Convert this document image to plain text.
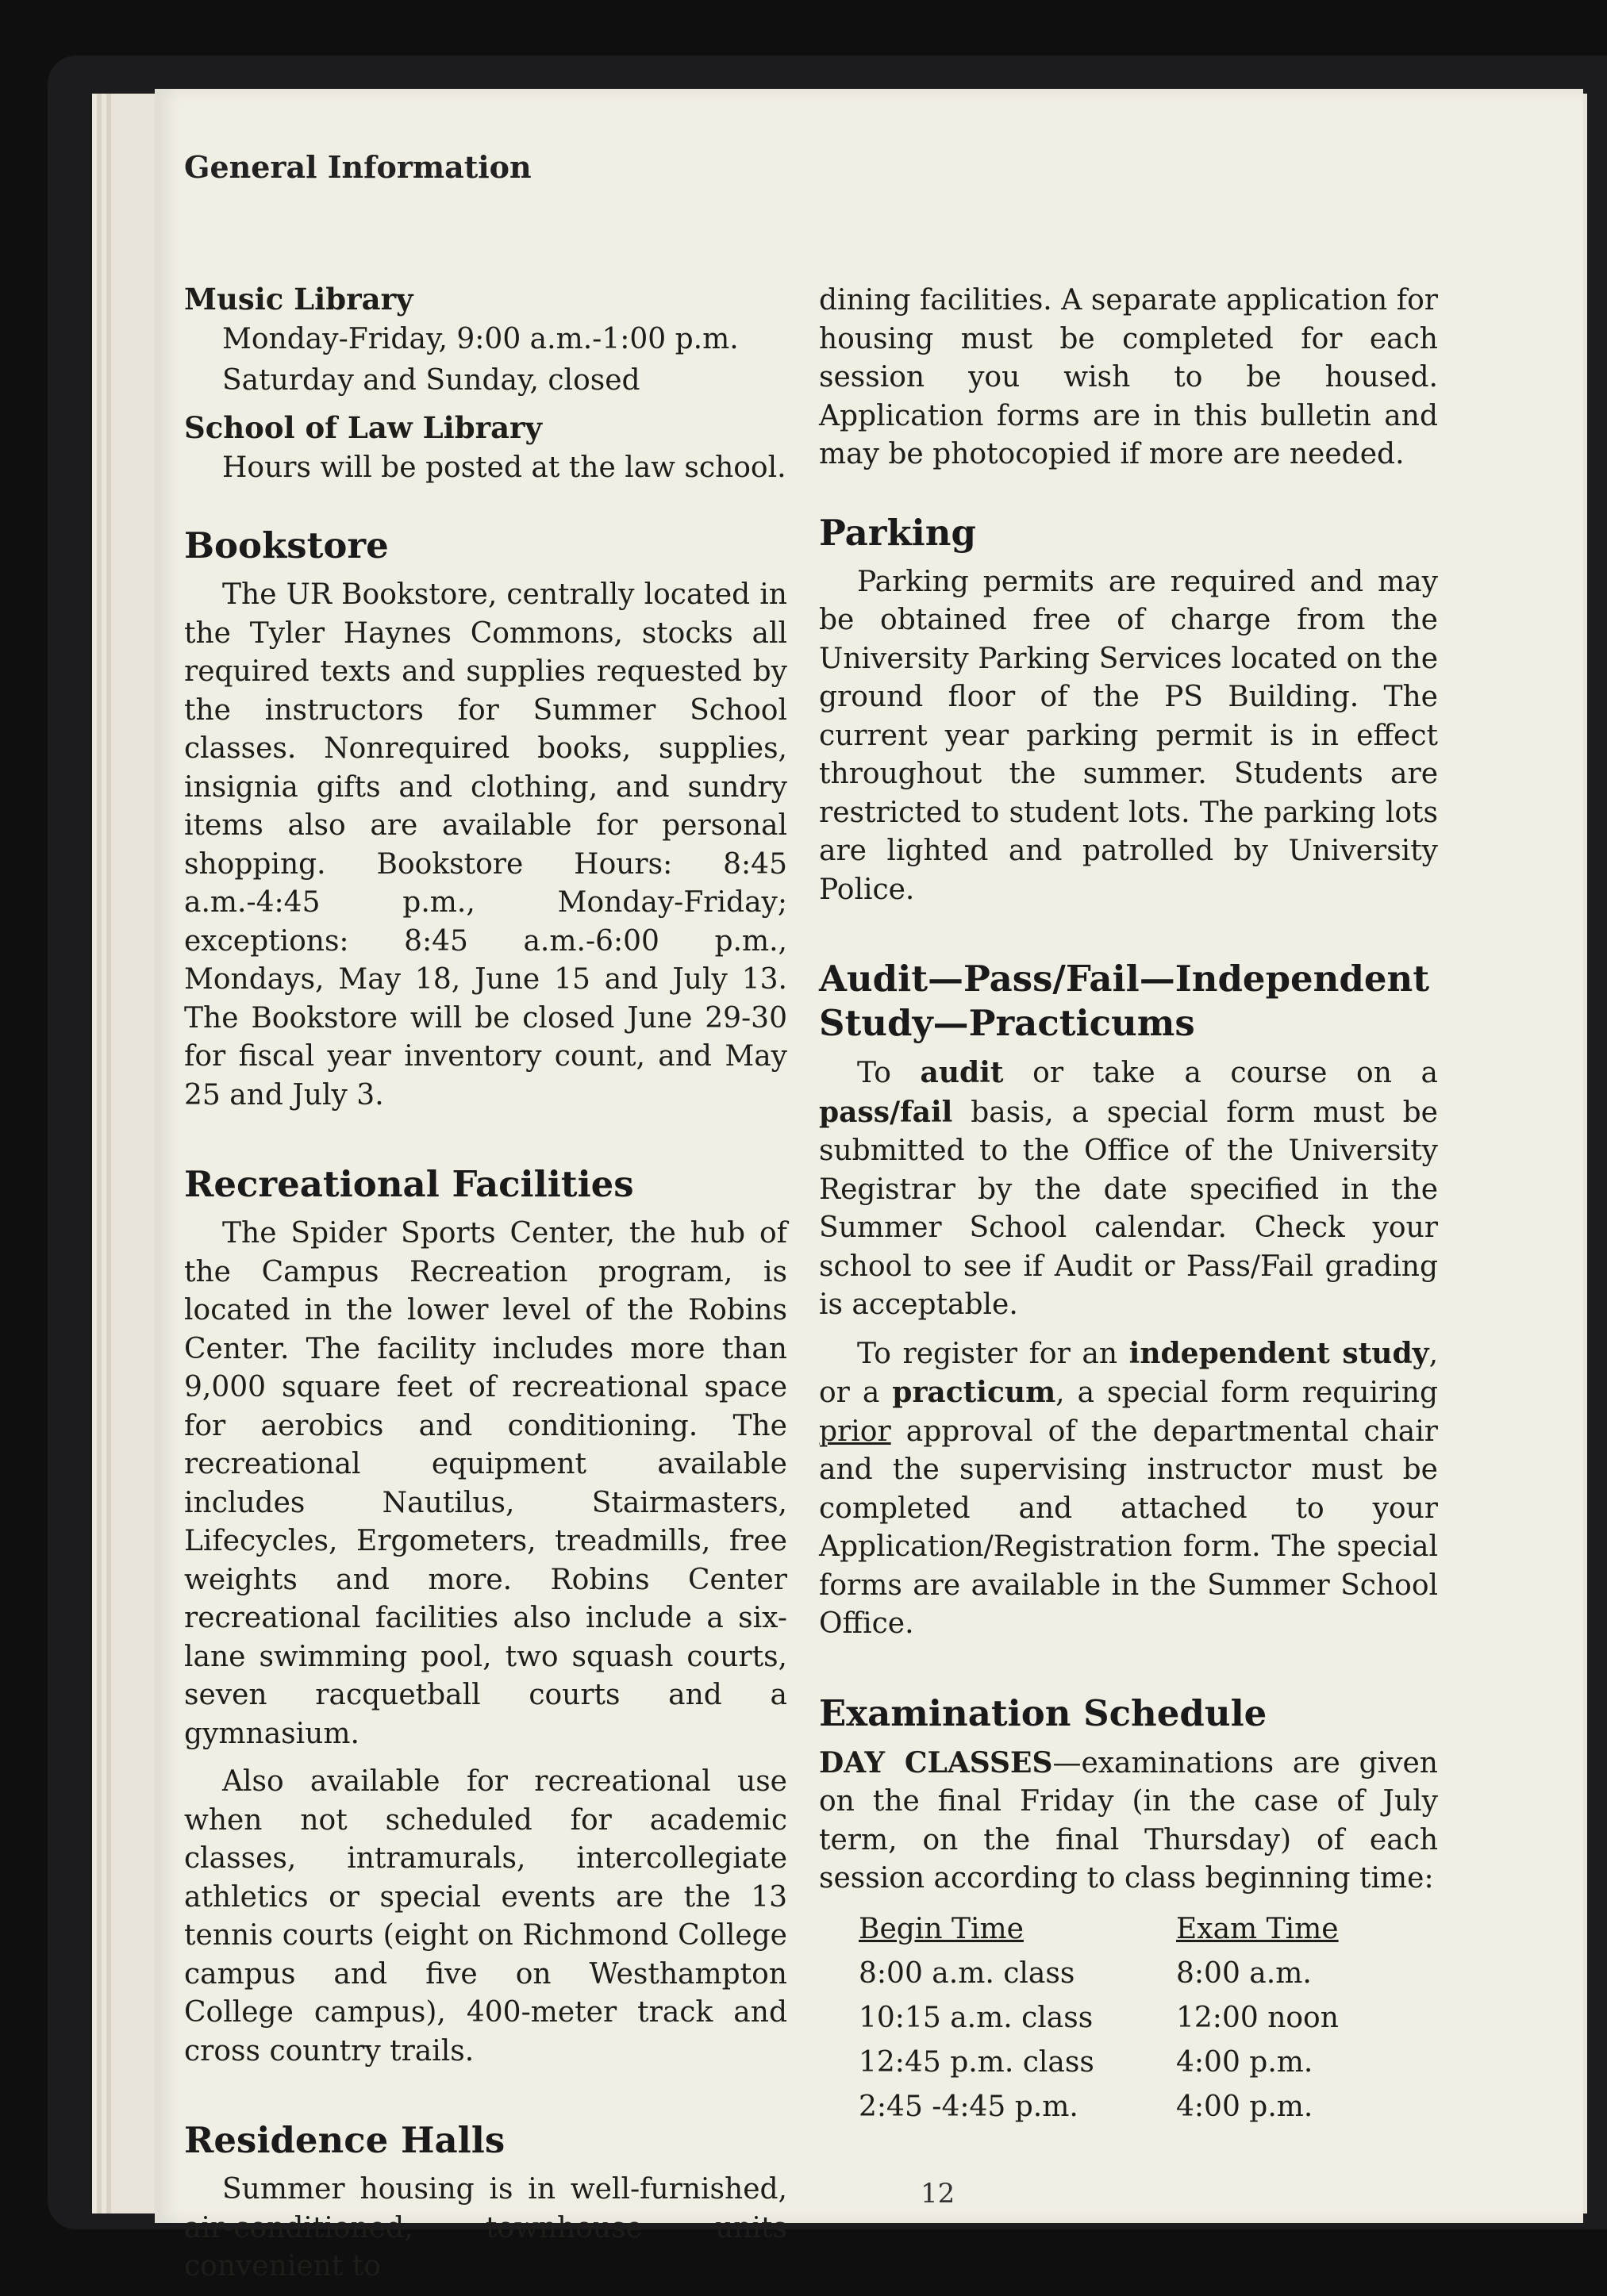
General Information
Music Library
Monday-Friday, 9:00 a.m.-1:00 p.m.
Saturday and Sunday, closed
School of Law Library
Hours will be posted at the law school.
Bookstore

The UR Bookstore, centrally located in the Tyler Haynes Commons, stocks all required texts and supplies requested by the instructors for Summer School classes. Nonrequired books, supplies, insignia gifts and clothing, and sundry items also are available for personal shopping. Bookstore Hours: 8:45 a.m.-4:45 p.m., Monday-Friday; exceptions: 8:45 a.m.-6:00 p.m., Mondays, May 18, June 15 and July 13. The Bookstore will be closed June 29-30 for fiscal year inventory count, and May 25 and July 3.

Recreational Facilities

The Spider Sports Center, the hub of the Campus Recreation program, is located in the lower level of the Robins Center. The facility includes more than 9,000 square feet of recreational space for aerobics and conditioning. The recreational equipment available includes Nautilus, Stairmasters, Lifecycles, Ergometers, treadmills, free weights and more. Robins Center recreational facilities also include a six-lane swimming pool, two squash courts, seven racquetball courts and a gymnasium.

Also available for recreational use when not scheduled for academic classes, intramurals, intercollegiate athletics or special events are the 13 tennis courts (eight on Richmond College campus and five on Westhampton College campus), 400-meter track and cross country trails.

Residence Halls

Summer housing is in well-furnished, air-conditioned, townhouse units convenient to

dining facilities. A separate application for housing must be completed for each session you wish to be housed. Application forms are in this bulletin and may be photocopied if more are needed.

Parking

Parking permits are required and may be obtained free of charge from the University Parking Services located on the ground floor of the PS Building. The current year parking permit is in effect throughout the summer. Students are restricted to student lots. The parking lots are lighted and patrolled by University Police.

Audit—Pass/Fail—Independent
Study—Practicums

To audit or take a course on a pass/fail basis, a special form must be submitted to the Office of the University Registrar by the date specified in the Summer School calendar. Check your school to see if Audit or Pass/Fail grading is acceptable.

To register for an independent study, or a practicum, a special form requiring prior approval of the departmental chair and the supervising instructor must be completed and attached to your Application/Registration form. The special forms are available in the Summer School Office.

Examination Schedule

DAY CLASSES—examinations are given on the final Friday (in the case of July term, on the final Thursday) of each session according to class beginning time:

Begin Time	Exam Time
8:00 a.m. class	8:00 a.m.
10:15 a.m. class	12:00 noon
12:45 p.m. class	4:00 p.m.
2:45 -4:45 p.m.	4:00 p.m.
12
